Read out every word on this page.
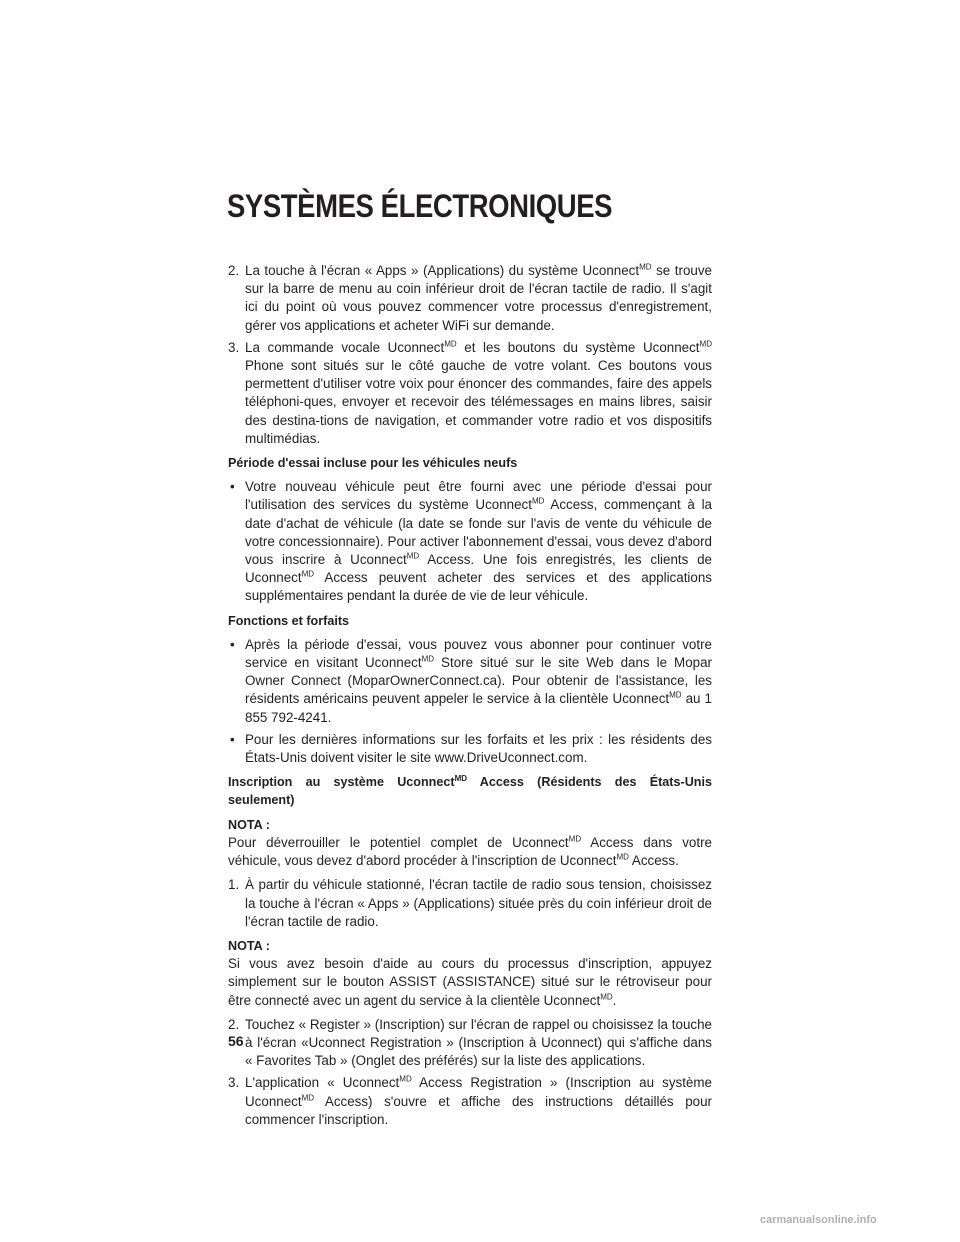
SYSTÈMES ÉLECTRONIQUES
2. La touche à l'écran « Apps » (Applications) du système Uconnect$^{MD}$ se trouve sur la barre de menu au coin inférieur droit de l'écran tactile de radio. Il s'agit ici du point où vous pouvez commencer votre processus d'enregistrement, gérer vos applications et acheter WiFi sur demande.
3. La commande vocale Uconnect$^{MD}$ et les boutons du système Uconnect$^{MD}$ Phone sont situés sur le côté gauche de votre volant. Ces boutons vous permettent d'utiliser votre voix pour énoncer des commandes, faire des appels téléphoni-ques, envoyer et recevoir des télémessages en mains libres, saisir des destina-tions de navigation, et commander votre radio et vos dispositifs multimédias.
Période d'essai incluse pour les véhicules neufs
• Votre nouveau véhicule peut être fourni avec une période d'essai pour l'utilisation des services du système Uconnect$^{MD}$ Access, commençant à la date d'achat de véhicule (la date se fonde sur l'avis de vente du véhicule de votre concessionnaire). Pour activer l'abonnement d'essai, vous devez d'abord vous inscrire à Uconnect$^{MD}$ Access. Une fois enregistrés, les clients de Uconnect$^{MD}$ Access peuvent acheter des services et des applications supplémentaires pendant la durée de vie de leur véhicule.
Fonctions et forfaits
• Après la période d'essai, vous pouvez vous abonner pour continuer votre service en visitant Uconnect$^{MD}$ Store situé sur le site Web dans le Mopar Owner Connect (MoparOwnerConnect.ca). Pour obtenir de l'assistance, les résidents américains peuvent appeler le service à la clientèle Uconnect$^{MD}$ au 1 855 792-4241.
• Pour les dernières informations sur les forfaits et les prix : les résidents des États-Unis doivent visiter le site www.DriveUconnect.com.
Inscription au système Uconnect$^{MD}$ Access (Résidents des États-Unis seulement)
NOTA :
Pour déverrouiller le potentiel complet de Uconnect$^{MD}$ Access dans votre véhicule, vous devez d'abord procéder à l'inscription de Uconnect$^{MD}$ Access.
1. À partir du véhicule stationné, l'écran tactile de radio sous tension, choisissez la touche à l'écran « Apps » (Applications) située près du coin inférieur droit de l'écran tactile de radio.
NOTA :
Si vous avez besoin d'aide au cours du processus d'inscription, appuyez simplement sur le bouton ASSIST (ASSISTANCE) situé sur le rétroviseur pour être connecté avec un agent du service à la clientèle Uconnect$^{MD}$.
2. Touchez « Register » (Inscription) sur l'écran de rappel ou choisissez la touche à l'écran «Uconnect Registration » (Inscription à Uconnect) qui s'affiche dans « Favorites Tab » (Onglet des préférés) sur la liste des applications.
3. L'application « Uconnect$^{MD}$ Access Registration » (Inscription au système Uconnect$^{MD}$ Access) s'ouvre et affiche des instructions détaillés pour commencer l'inscription.
56
carmanualsonline.info
